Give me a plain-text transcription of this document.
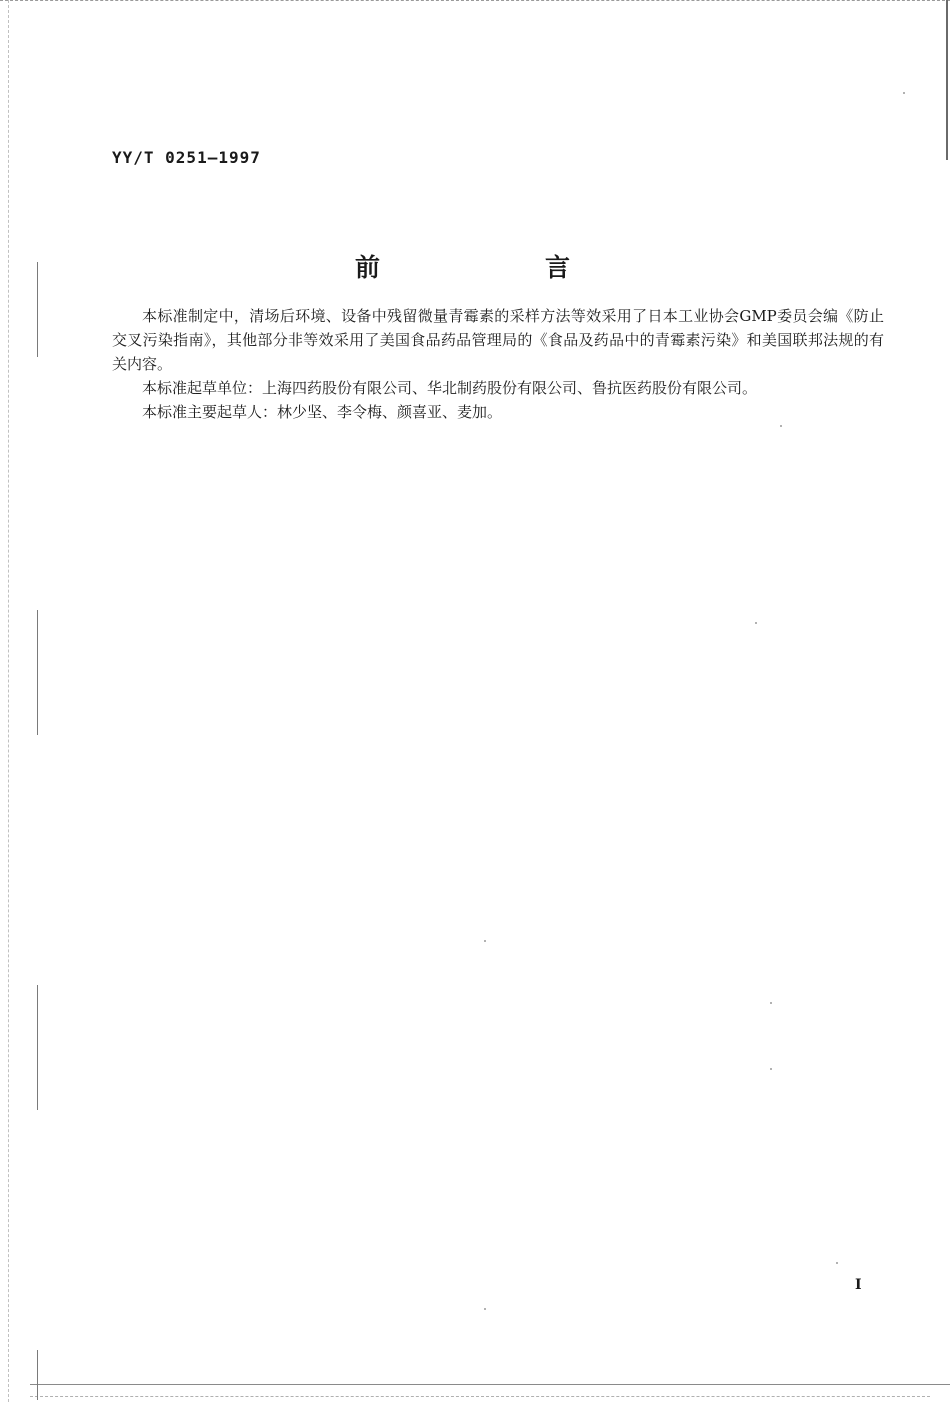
YY/T 0251—1997
前　言

本标准制定中，清场后环境、设备中残留微量青霉素的采样方法等效采用了日本工业协会GMP委员会编《防止交叉污染指南》，其他部分非等效采用了美国食品药品管理局的《食品及药品中的青霉素污染》和美国联邦法规的有关内容。

本标准起草单位：上海四药股份有限公司、华北制药股份有限公司、鲁抗医药股份有限公司。

本标准主要起草人：林少坚、李令梅、颜喜亚、麦加。

I
